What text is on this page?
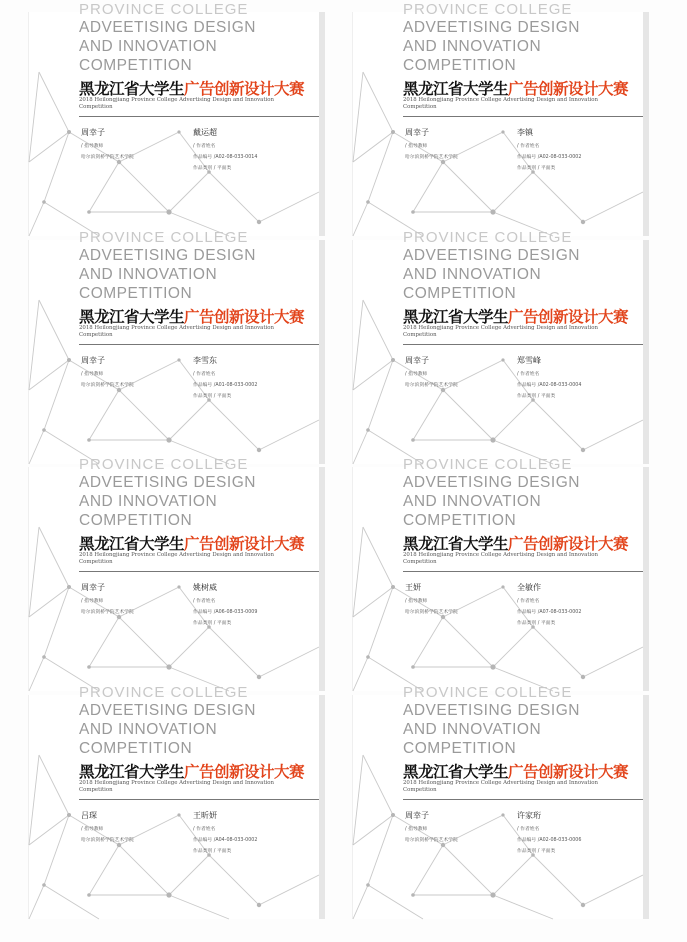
PROVINCE COLLEGE
ADVEETISING DESIGN
AND INNOVATION
COMPETITION
黑龙江省大学生广告创新设计大赛
2018 Heilongjiang Province College Advertising Design and Innovation Competition
周幸子
/ 指导教师
哈尔滨剑桥学院艺术学院
戴运超
/ 作者姓名
作品编号 /A02-08-033-0014
作品类别 / 平面类
PROVINCE COLLEGE
ADVEETISING DESIGN
AND INNOVATION
COMPETITION
黑龙江省大学生广告创新设计大赛
2018 Heilongjiang Province College Advertising Design and Innovation Competition
周幸子
/ 指导教师
哈尔滨剑桥学院艺术学院
李镇
/ 作者姓名
作品编号 /A02-08-033-0002
作品类别 / 平面类
PROVINCE COLLEGE
ADVEETISING DESIGN
AND INNOVATION
COMPETITION
黑龙江省大学生广告创新设计大赛
2018 Heilongjiang Province College Advertising Design and Innovation Competition
周幸子
/ 指导教师
哈尔滨剑桥学院艺术学院
李雪东
/ 作者姓名
作品编号 /A01-08-033-0002
作品类别 / 平面类
PROVINCE COLLEGE
ADVEETISING DESIGN
AND INNOVATION
COMPETITION
黑龙江省大学生广告创新设计大赛
2018 Heilongjiang Province College Advertising Design and Innovation Competition
周幸子
/ 指导教师
哈尔滨剑桥学院艺术学院
郑雪峰
/ 作者姓名
作品编号 /A02-08-033-0004
作品类别 / 平面类
PROVINCE COLLEGE
ADVEETISING DESIGN
AND INNOVATION
COMPETITION
黑龙江省大学生广告创新设计大赛
2018 Heilongjiang Province College Advertising Design and Innovation Competition
周幸子
/ 指导教师
哈尔滨剑桥学院艺术学院
姚树威
/ 作者姓名
作品编号 /A06-08-033-0009
作品类别 / 平面类
PROVINCE COLLEGE
ADVEETISING DESIGN
AND INNOVATION
COMPETITION
黑龙江省大学生广告创新设计大赛
2018 Heilongjiang Province College Advertising Design and Innovation Competition
王妍
/ 指导教师
哈尔滨剑桥学院艺术学院
全敏作
/ 作者姓名
作品编号 /A07-08-033-0002
作品类别 / 平面类
PROVINCE COLLEGE
ADVEETISING DESIGN
AND INNOVATION
COMPETITION
黑龙江省大学生广告创新设计大赛
2018 Heilongjiang Province College Advertising Design and Innovation Competition
吕琛
/ 指导教师
哈尔滨剑桥学院艺术学院
王昕妍
/ 作者姓名
作品编号 /A04-08-033-0002
作品类别 / 平面类
PROVINCE COLLEGE
ADVEETISING DESIGN
AND INNOVATION
COMPETITION
黑龙江省大学生广告创新设计大赛
2018 Heilongjiang Province College Advertising Design and Innovation Competition
周幸子
/ 指导教师
哈尔滨剑桥学院艺术学院
许家珩
/ 作者姓名
作品编号 /A02-08-033-0006
作品类别 / 平面类
